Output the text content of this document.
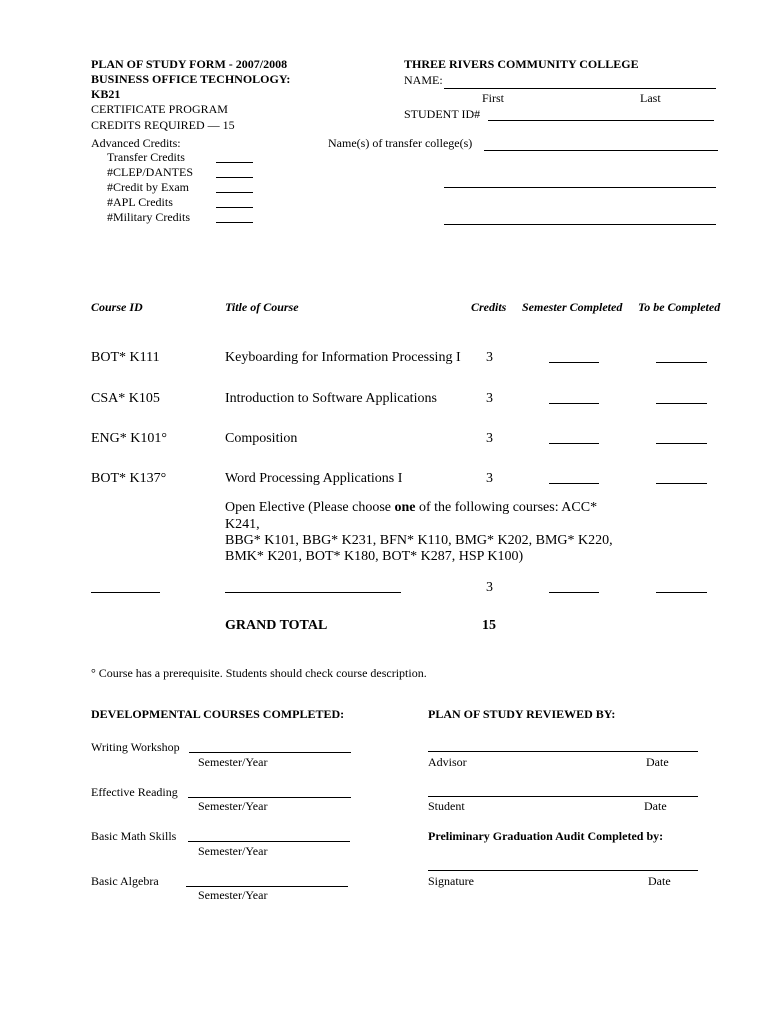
PLAN OF STUDY FORM - 2007/2008
BUSINESS OFFICE TECHNOLOGY:
KB21
CERTIFICATE PROGRAM
CREDITS REQUIRED — 15
Advanced Credits:
Transfer Credits
#CLEP/DANTES
#Credit by Exam
#APL Credits
#Military Credits
THREE RIVERS COMMUNITY COLLEGE
NAME:
First	Last
STUDENT ID#
Name(s) of transfer college(s)
Course ID	Title of Course	Credits Semester Completed To be Completed
BOT* K111	Keyboarding for Information Processing I 3
CSA* K105	Introduction to Software Applications	3
ENG* K101°	Composition	3
BOT* K137°	Word Processing Applications I	3
Open Elective (Please choose one of the following courses: ACC*
K241,
BBG* K101, BBG* K231, BFN* K110, BMG* K202, BMG* K220,
BMK* K201, BOT* K180, BOT* K287, HSP K100)
3
GRAND TOTAL	15
° Course has a prerequisite. Students should check course description.
DEVELOPMENTAL COURSES COMPLETED:
Writing Workshop
Semester/Year
Effective Reading
Semester/Year
Basic Math Skills
Semester/Year
Basic Algebra
Semester/Year
PLAN OF STUDY REVIEWED BY:
Advisor	Date
Student	Date
Preliminary Graduation Audit Completed by:
Signature	Date
